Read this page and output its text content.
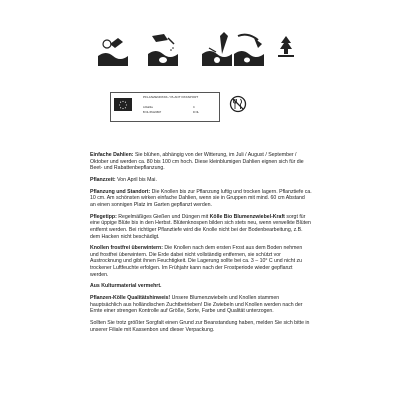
PFLANZENPASS / PLANT PASSPORT
A Dahlia
B NL-56124697
C
D NL

Einfache Dahlien: Sie blühen, abhängig von der Witterung, im Juli / August / September / Oktober und werden ca. 80 bis 100 cm hoch. Diese kleinblumigen Dahlien eignen sich für die Beet- und Rabattenbepflanzung.

Pflanzzeit: Von April bis Mai.

Pflanzung und Standort: Die Knollen bis zur Pflanzung luftig und trocken lagern. Pflanztiefe ca. 10 cm. Am schönsten wirken einfache Dahlien, wenn sie in Gruppen mit mind. 60 cm Abstand an einen sonnigen Platz im Garten gepflanzt werden.

Pflegetipp: Regelmäßiges Gießen und Düngen mit Kölle Bio Blumenzwiebel-Kraft sorgt für eine üppige Blüte bis in den Herbst. Blütenknospen bilden sich stets neu, wenn verwelkte Blüten entfernt werden. Bei richtiger Pflanztiefe wird die Knolle nicht bei der Bodenbearbeitung, z.B. dem Hacken nicht beschädigt.

Knollen frostfrei überwintern: Die Knollen nach dem ersten Frost aus dem Boden nehmen und frostfrei überwintern. Die Erde dabei nicht vollständig entfernen, sie schützt vor Austrocknung und gibt ihnen Feuchtigkeit. Die Lagerung sollte bei ca. 3 – 10° C und nicht zu trockener Luftfeuchte erfolgen. Im Frühjahr kann nach der Frostperiode wieder gepflanzt werden.

Aus Kulturmaterial vermehrt.

Pflanzen-Kölle Qualitätshinweis! Unsere Blumenzwiebeln und Knollen stammen hauptsächlich aus holländischen Zuchtbetrieben! Die Zwiebeln und Knollen werden nach der Ernte einer strengen Kontrolle auf Größe, Sorte, Farbe und Qualität unterzogen.

Sollten Sie trotz größter Sorgfalt einen Grund zur Beanstandung haben, melden Sie sich bitte in unserer Filiale mit Kassenbon und dieser Verpackung.
